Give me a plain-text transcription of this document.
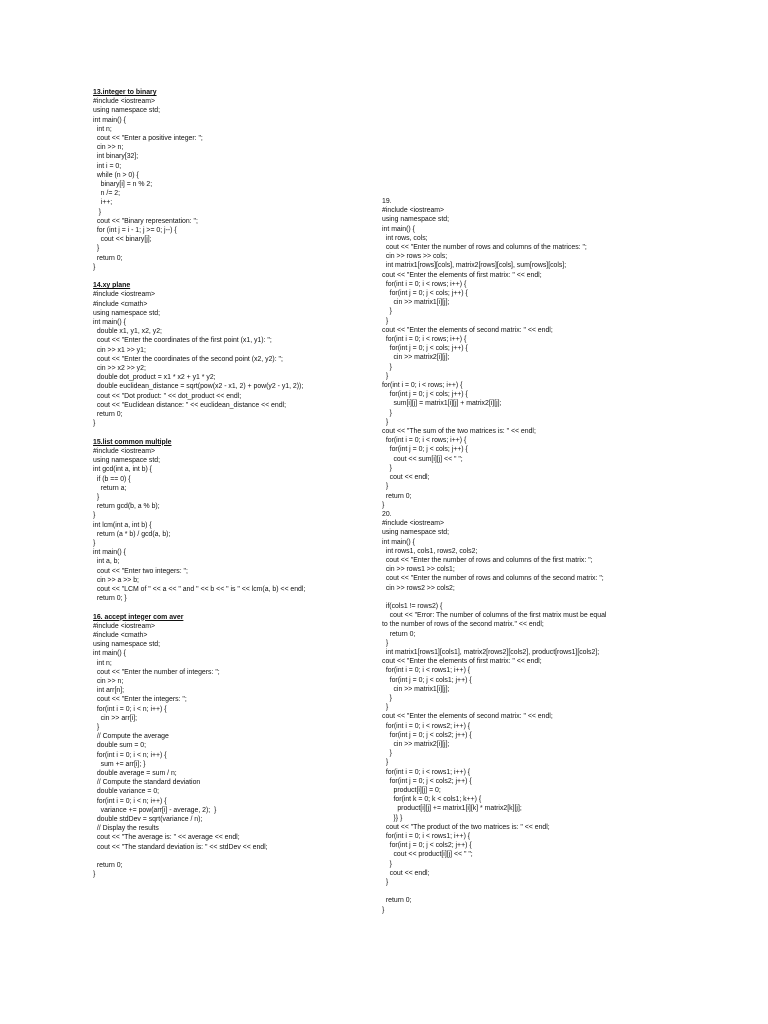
13.integer to binary
#include <iostream>
using namespace std;
int main() {
int n;
cout << "Enter a positive integer: ";
cin >> n;
int binary[32];
int i = 0;
while (n > 0) {
binary[i] = n % 2;
n /= 2;
i++;
}
cout << "Binary representation: ";
for (int j = i - 1; j >= 0; j--) {
cout << binary[j];
}
return 0;
}
14.xy plane
#include <iostream>
#include <cmath>
using namespace std;
int main() {
double x1, y1, x2, y2;
cout << "Enter the coordinates of the first point (x1, y1): ";
cin >> x1 >> y1;
cout << "Enter the coordinates of the second point (x2, y2): ";
cin >> x2 >> y2;
double dot_product = x1 * x2 + y1 * y2;
double euclidean_distance = sqrt(pow(x2 - x1, 2) + pow(y2 - y1, 2));
cout << "Dot product: " << dot_product << endl;
cout << "Euclidean distance: " << euclidean_distance << endl;
return 0;
}
15.list common multiple
#include <iostream>
using namespace std;
int gcd(int a, int b) {
if (b == 0) {
return a;
}
return gcd(b, a % b);
}
int lcm(int a, int b) {
return (a * b) / gcd(a, b);
}
int main() {
int a, b;
cout << "Enter two integers: ";
cin >> a >> b;
cout << "LCM of " << a << " and " << b << " is " << lcm(a, b) << endl;
return 0; }
16. accept integer com aver
#include <iostream>
#include <cmath>
using namespace std;
int main() {
int n;
cout << "Enter the number of integers: ";
cin >> n;
int arr[n];
cout << "Enter the integers: ";
for(int i = 0; i < n; i++) {
cin >> arr[i];
}
// Compute the average
double sum = 0;
for(int i = 0; i < n; i++) {
sum += arr[i]; }
double average = sum / n;
// Compute the standard deviation
double variance = 0;
for(int i = 0; i < n; i++) {
variance += pow(arr[i] - average, 2);  }
double stdDev = sqrt(variance / n);
// Display the results
cout << "The average is: " << average << endl;
cout << "The standard deviation is: " << stdDev << endl;
return 0;
}
19.
#include <iostream>
using namespace std;
int main() {
int rows, cols;
cout << "Enter the number of rows and columns of the matrices: ";
cin >> rows >> cols;
int matrix1[rows][cols], matrix2[rows][cols], sum[rows][cols];
cout << "Enter the elements of first matrix: " << endl;
for(int i = 0; i < rows; i++) {
for(int j = 0; j < cols; j++) {
cin >> matrix1[i][j];
}
}
cout << "Enter the elements of second matrix: " << endl;
for(int i = 0; i < rows; i++) {
for(int j = 0; j < cols; j++) {
cin >> matrix2[i][j];
}
}
for(int i = 0; i < rows; i++) {
for(int j = 0; j < cols; j++) {
sum[i][j] = matrix1[i][j] + matrix2[i][j];
}
}
cout << "The sum of the two matrices is: " << endl;
for(int i = 0; i < rows; i++) {
for(int j = 0; j < cols; j++) {
cout << sum[i][j] << " ";
}
cout << endl;
}
return 0;
}
20.
#include <iostream>
using namespace std;
int main() {
int rows1, cols1, rows2, cols2;
cout << "Enter the number of rows and columns of the first matrix: ";
cin >> rows1 >> cols1;
cout << "Enter the number of rows and columns of the second matrix: ";
cin >> rows2 >> cols2;
if(cols1 != rows2) {
cout << "Error: The number of columns of the first matrix must be equal to the number of rows of the second matrix." << endl;
return 0;
}
int matrix1[rows1][cols1], matrix2[rows2][cols2], product[rows1][cols2];
cout << "Enter the elements of first matrix: " << endl;
for(int i = 0; i < rows1; i++) {
for(int j = 0; j < cols1; j++) {
cin >> matrix1[i][j];
}
}
cout << "Enter the elements of second matrix: " << endl;
for(int i = 0; i < rows2; i++) {
for(int j = 0; j < cols2; j++) {
cin >> matrix2[i][j];
}
}
for(int i = 0; i < rows1; i++) {
for(int j = 0; j < cols2; j++) {
product[i][j] = 0;
for(int k = 0; k < cols1; k++) {
product[i][j] += matrix1[i][k] * matrix2[k][j];
}} }
cout << "The product of the two matrices is: " << endl;
for(int i = 0; i < rows1; i++) {
for(int j = 0; j < cols2; j++) {
cout << product[i][j] << " ";
}
cout << endl;
}
return 0;
}
